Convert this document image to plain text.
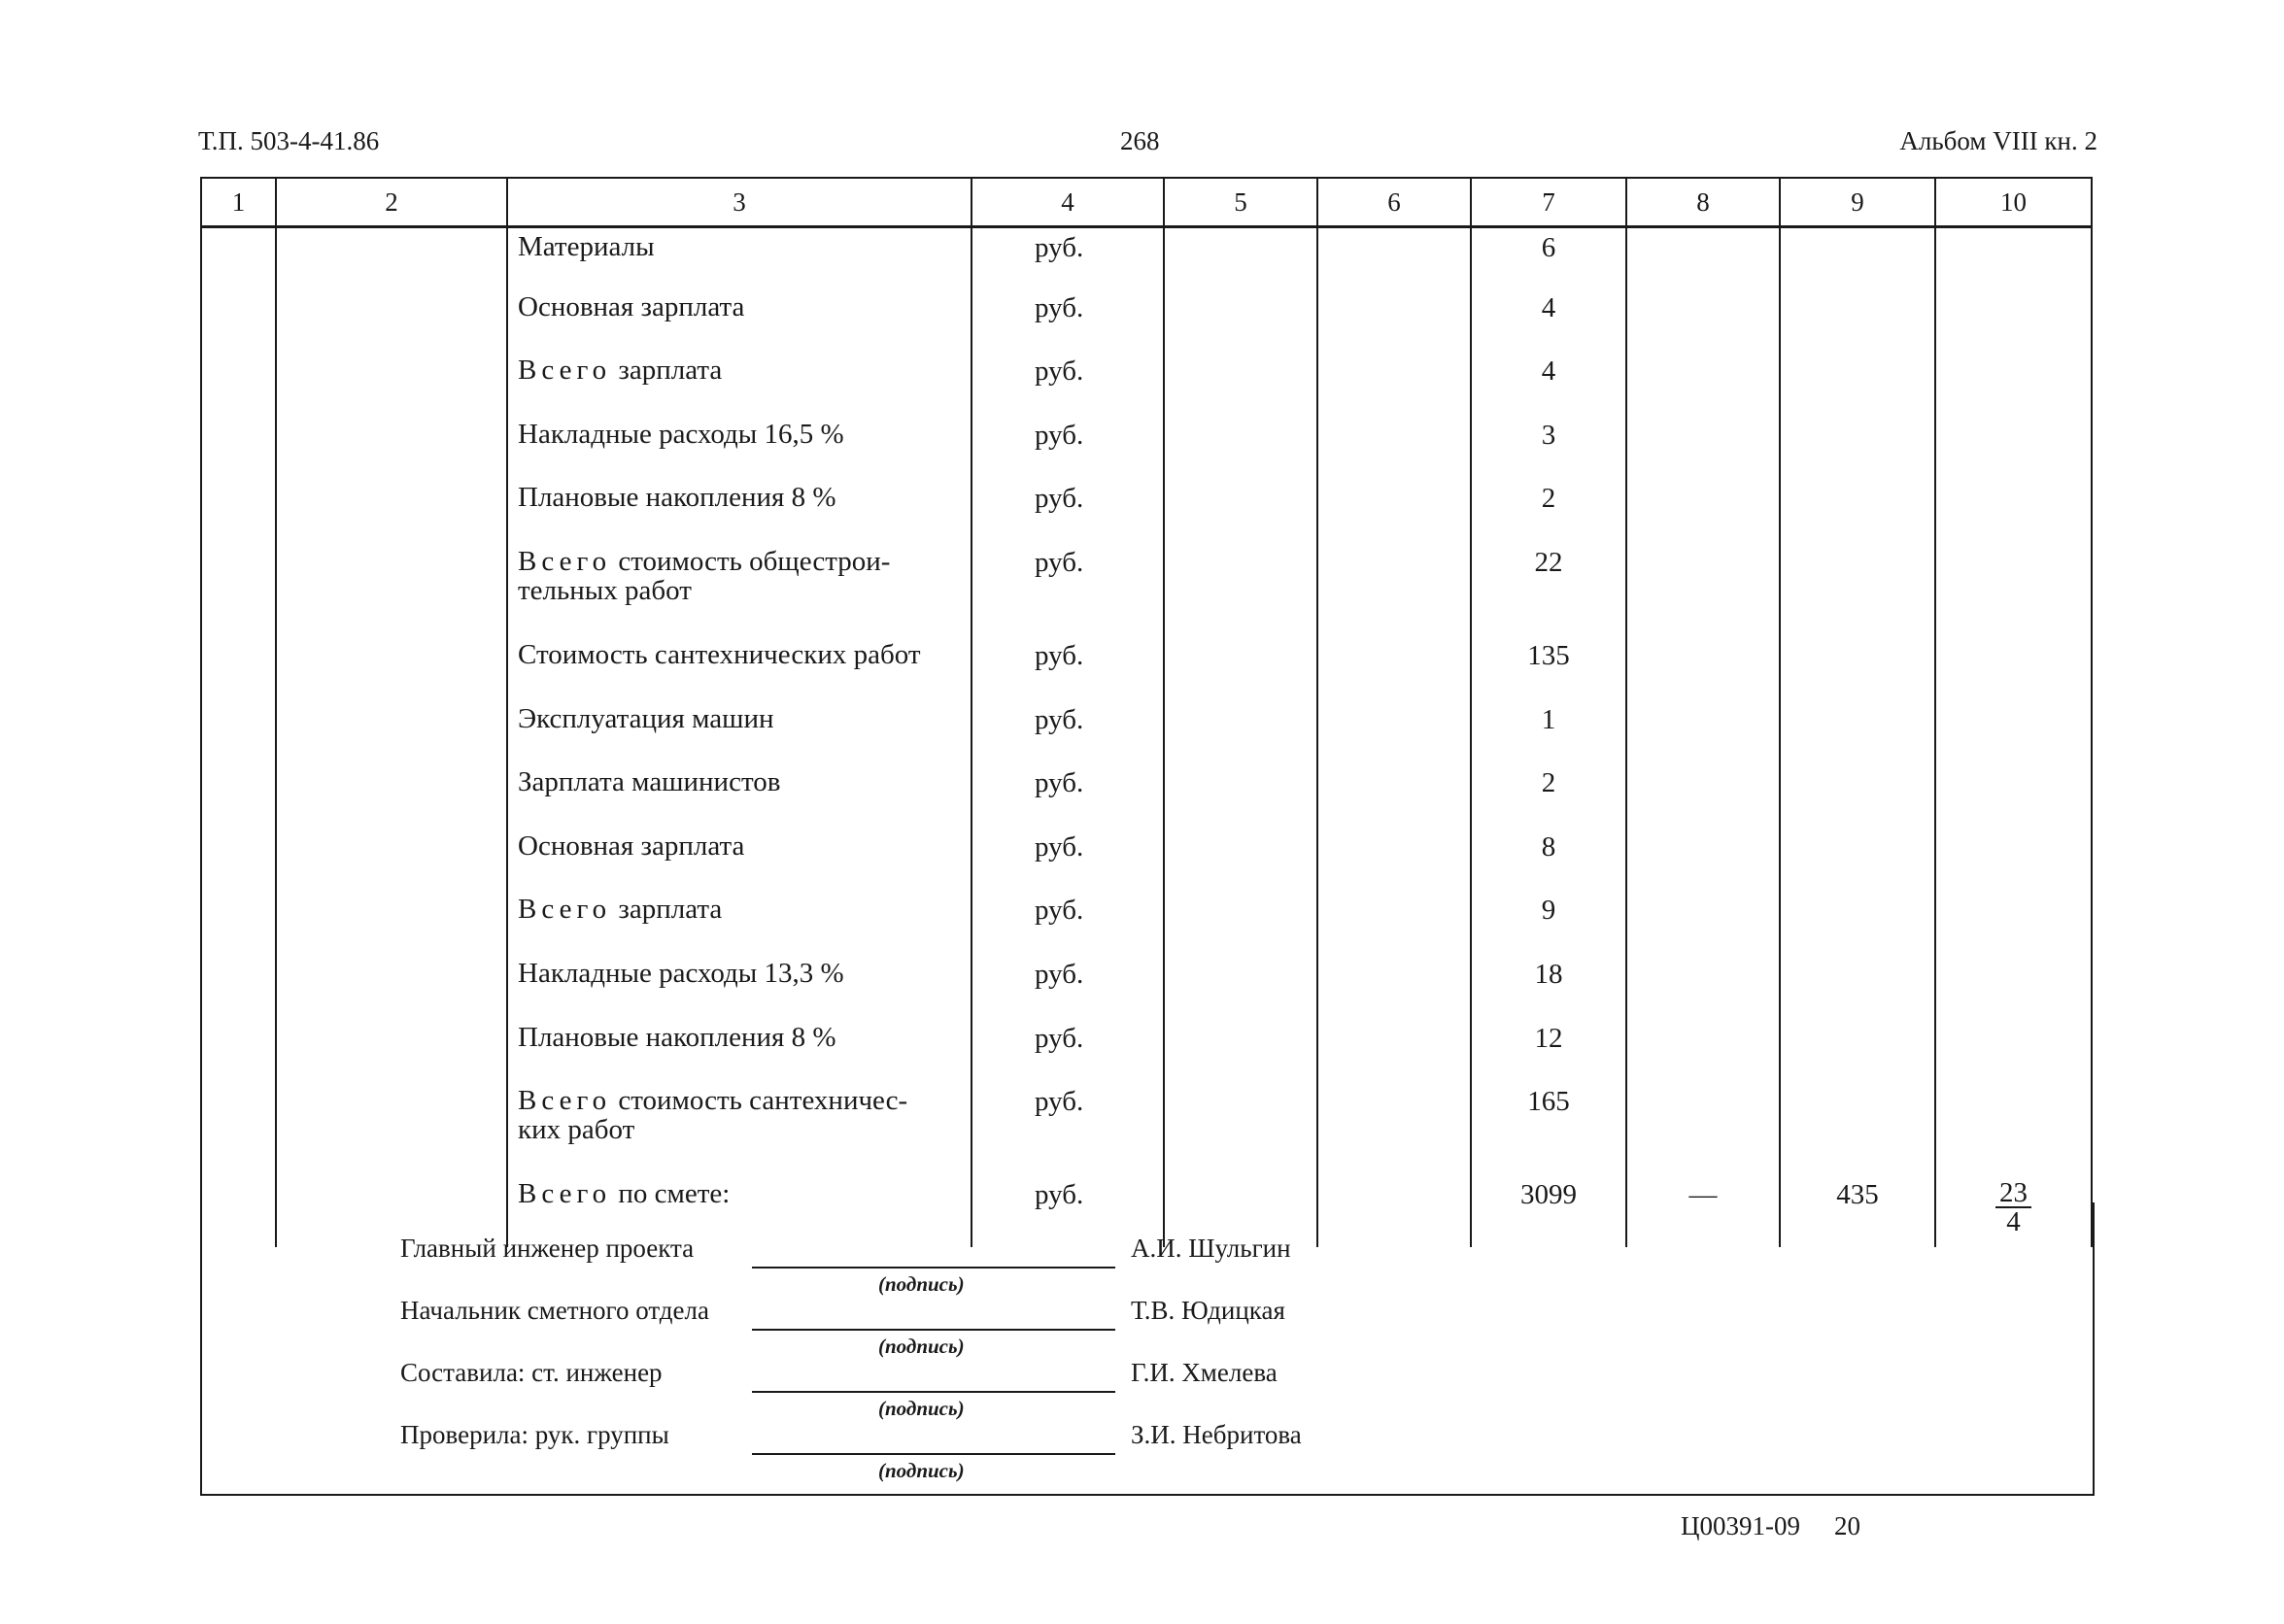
Т.П. 503-4-41.86	268	Альбом VIII кн. 2
1	2	3	4	5	6	7	8	9	10
		Материалы	руб.			6			
		Основная зарплата	руб.			4			
		Всего зарплата	руб.			4			
		Накладные расходы 16,5 %	руб.			3			
		Плановые накопления 8 %	руб.			2			
		Всего стоимость общестрои-
тельных работ	руб.			22			
		Стоимость сантехнических работ	руб.			135			
		Эксплуатация машин	руб.			1			
		Зарплата машинистов	руб.			2			
		Основная зарплата	руб.			8			
		Всего зарплата	руб.			9			
		Накладные расходы 13,3 %	руб.			18			
		Плановые накопления 8 %	руб.			12			
		Всего стоимость сантехничес-
ких работ	руб.			165			
		Всего по смете:	руб.			3099	—	435	$\frac{23}{4}$
Главный инженер проекта
(подпись)
А.И. Шульгин
Начальник сметного отдела
(подпись)
Т.В. Юдицкая
Составила: ст. инженер
(подпись)
Г.И. Хмелева
Проверила: рук. группы
(подпись)
З.И. Небритова
Ц00391-09 20
